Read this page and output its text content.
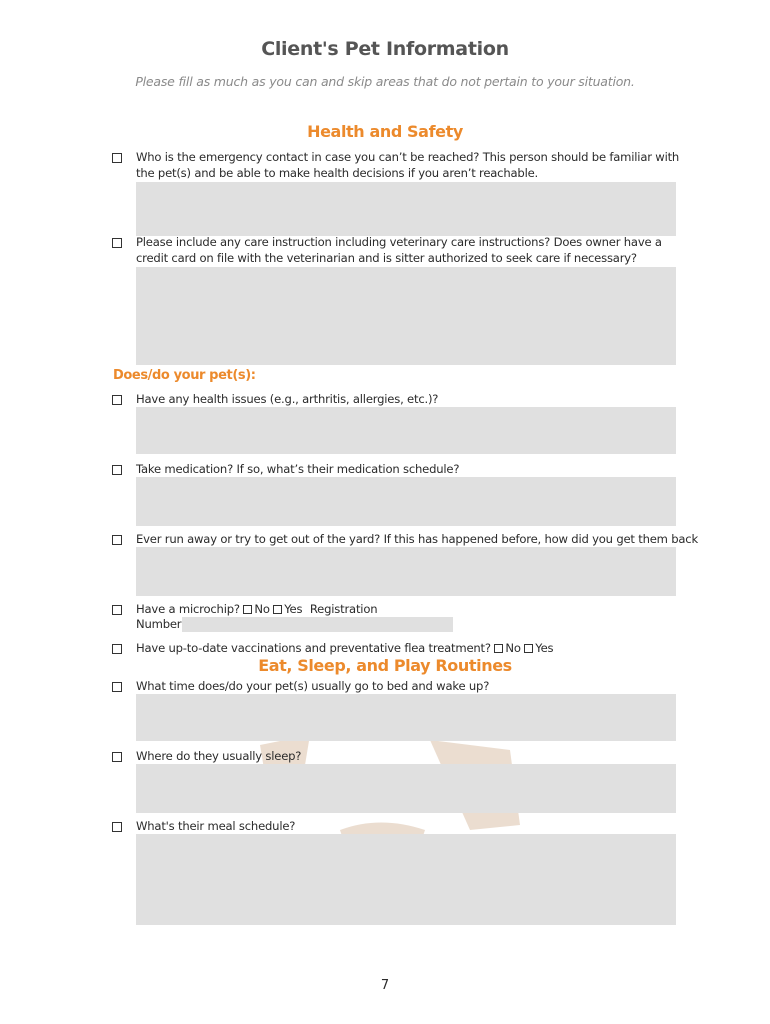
Client's Pet Information
Please fill as much as you can and skip areas that do not pertain to your situation.
Health and Safety
Who is the emergency contact in case you can’t be reached? This person should be familiar with
the pet(s) and be able to make health decisions if you aren’t reachable.
Please include any care instruction including veterinary care instructions? Does owner have a
credit card on file with the veterinarian and is sitter authorized to seek care if necessary?
Does/do your pet(s):
Have any health issues (e.g., arthritis, allergies, etc.)?
Take medication? If so, what’s their medication schedule?
Ever run away or try to get out of the yard? If this has happened before, how did you get them back
Have a microchip? No Yes Registration
Number
Have up-to-date vaccinations and preventative flea treatment? No Yes
Eat, Sleep, and Play Routines
What time does/do your pet(s) usually go to bed and wake up?
Where do they usually sleep?
What's their meal schedule?
7
